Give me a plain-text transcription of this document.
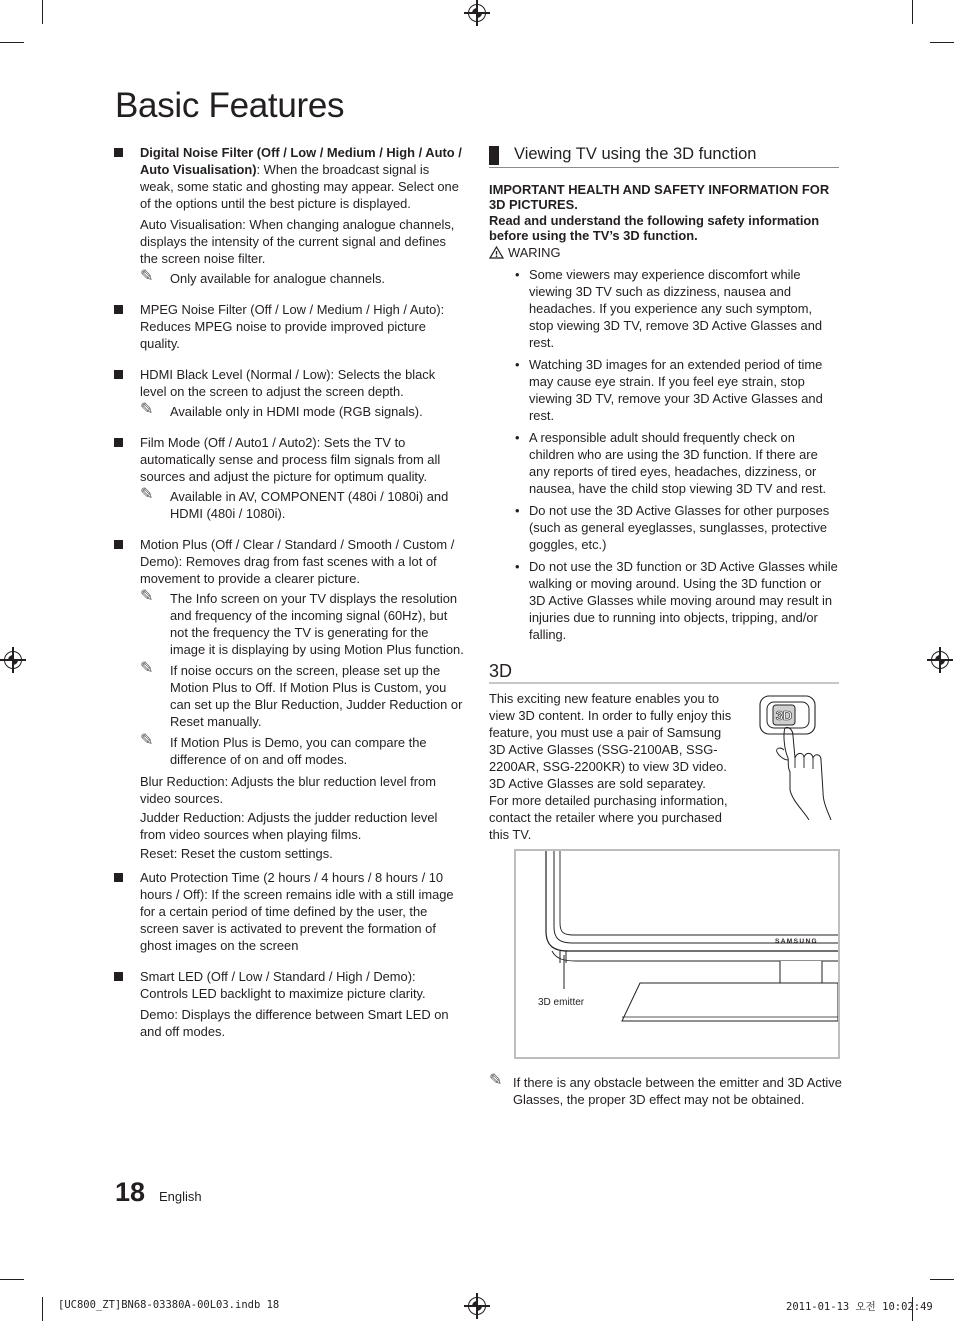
Basic Features
Digital Noise Filter (Off / Low / Medium / High / Auto / Auto Visualisation): When the broadcast signal is weak, some static and ghosting may appear. Select one of the options until the best picture is displayed.
Auto Visualisation: When changing analogue channels, displays the intensity of the current signal and defines the screen noise filter.
✎ Only available for analogue channels.
MPEG Noise Filter (Off / Low / Medium / High / Auto): Reduces MPEG noise to provide improved picture quality.
HDMI Black Level (Normal / Low): Selects the black level on the screen to adjust the screen depth.
✎ Available only in HDMI mode (RGB signals).
Film Mode (Off / Auto1 / Auto2): Sets the TV to automatically sense and process film signals from all sources and adjust the picture for optimum quality.
✎ Available in AV, COMPONENT (480i / 1080i) and HDMI (480i / 1080i).
Motion Plus (Off / Clear / Standard / Smooth / Custom / Demo): Removes drag from fast scenes with a lot of movement to provide a clearer picture.
✎ The Info screen on your TV displays the resolution and frequency of the incoming signal (60Hz), but not the frequency the TV is generating for the image it is displaying by using Motion Plus function.
✎ If noise occurs on the screen, please set up the Motion Plus to Off. If Motion Plus is Custom, you can set up the Blur Reduction, Judder Reduction or Reset manually.
✎ If Motion Plus is Demo, you can compare the difference of on and off modes.
Blur Reduction: Adjusts the blur reduction level from video sources.
Judder Reduction: Adjusts the judder reduction level from video sources when playing films.
Reset: Reset the custom settings.
Auto Protection Time (2 hours / 4 hours / 8 hours / 10 hours / Off): If the screen remains idle with a still image for a certain period of time defined by the user, the screen saver is activated to prevent the formation of ghost images on the screen
Smart LED (Off / Low / Standard / High / Demo): Controls LED backlight to maximize picture clarity.
Demo: Displays the difference between Smart LED on and off modes.
Viewing TV using the 3D function
IMPORTANT HEALTH AND SAFETY INFORMATION FOR 3D PICTURES.
Read and understand the following safety information before using the TV’s 3D function.
WARING
• Some viewers may experience discomfort while viewing 3D TV such as dizziness, nausea and headaches. If you experience any such symptom, stop viewing 3D TV, remove 3D Active Glasses and rest.
• Watching 3D images for an extended period of time may cause eye strain. If you feel eye strain, stop viewing 3D TV, remove your 3D Active Glasses and rest.
• A responsible adult should frequently check on children who are using the 3D function. If there are any reports of tired eyes, headaches, dizziness, or nausea, have the child stop viewing 3D TV and rest.
• Do not use the 3D Active Glasses for other purposes (such as general eyeglasses, sunglasses, protective goggles, etc.)
• Do not use the 3D function or 3D Active Glasses while walking or moving around. Using the 3D function or 3D Active Glasses while moving around may result in injuries due to running into objects, tripping, and/or falling.
3D
This exciting new feature enables you to view 3D content. In order to fully enjoy this feature, you must use a pair of Samsung 3D Active Glasses (SSG-2100AB, SSG-2200AR, SSG-2200KR) to view 3D video. 3D Active Glasses are sold separatey.
For more detailed purchasing information, contact the retailer where you purchased this TV.
3D
SAMSUNG
3D emitter
✎ If there is any obstacle between the emitter and 3D Active Glasses, the proper 3D effect may not be obtained.
18 English
[UC800_ZT]BN68-03380A-00L03.indb 18	2011-01-13 오전 10:02:49
